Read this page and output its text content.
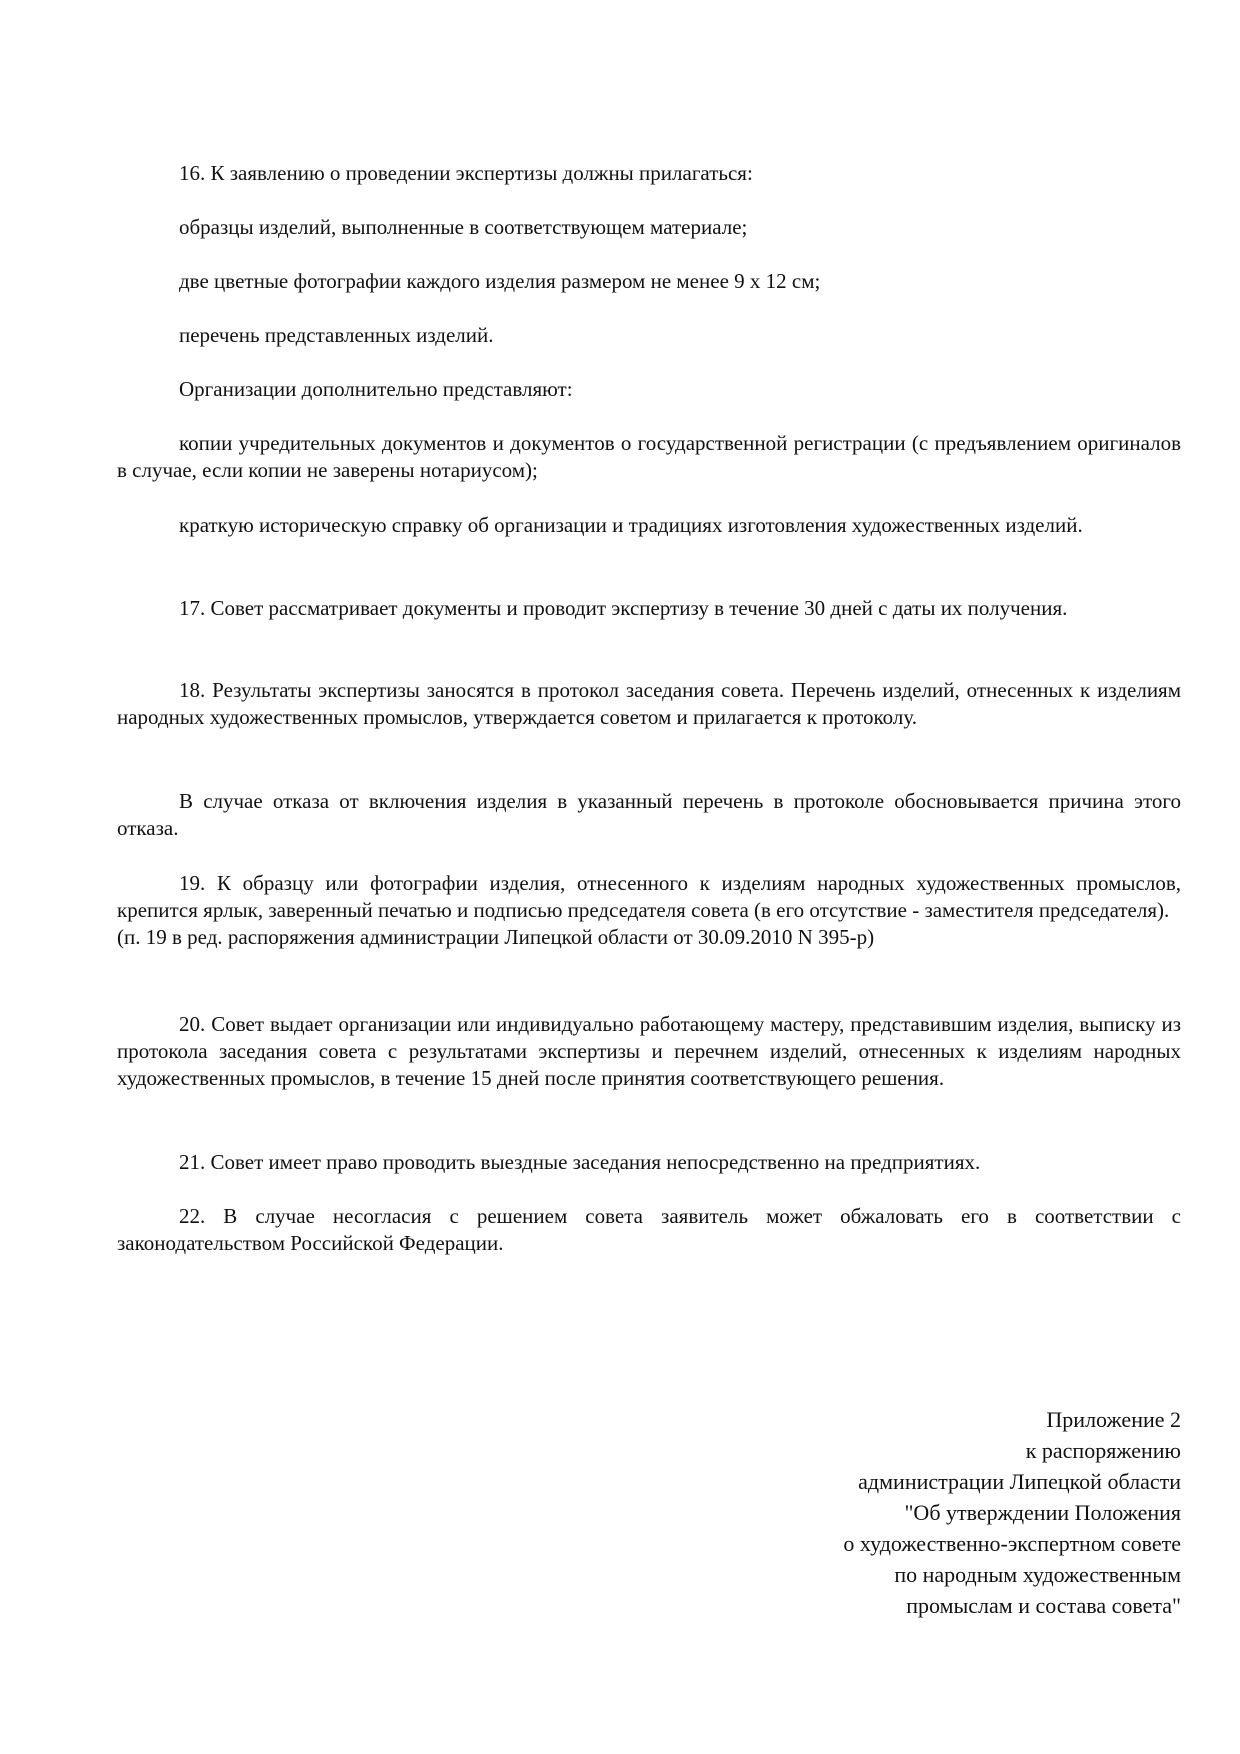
16. К заявлению о проведении экспертизы должны прилагаться:

образцы изделий, выполненные в соответствующем материале;

две цветные фотографии каждого изделия размером не менее 9 х 12 см;

перечень представленных изделий.

Организации дополнительно представляют:

копии учредительных документов и документов о государственной регистрации (с предъявлением оригиналов в случае, если копии не заверены нотариусом);

краткую историческую справку об организации и традициях изготовления художественных изделий.

17. Совет рассматривает документы и проводит экспертизу в течение 30 дней с даты их получения.

18. Результаты экспертизы заносятся в протокол заседания совета. Перечень изделий, отнесенных к изделиям народных художественных промыслов, утверждается советом и прилагается к протоколу.

В случае отказа от включения изделия в указанный перечень в протоколе обосновывается причина этого отказа.

19. К образцу или фотографии изделия, отнесенного к изделиям народных художественных промыслов, крепится ярлык, заверенный печатью и подписью председателя совета (в его отсутствие - заместителя председателя).

(п. 19 в ред. распоряжения администрации Липецкой области от 30.09.2010 N 395-р)

20. Совет выдает организации или индивидуально работающему мастеру, представившим изделия, выписку из протокола заседания совета с результатами экспертизы и перечнем изделий, отнесенных к изделиям народных художественных промыслов, в течение 15 дней после принятия соответствующего решения.

21. Совет имеет право проводить выездные заседания непосредственно на предприятиях.

22. В случае несогласия с решением совета заявитель может обжаловать его в соответствии с законодательством Российской Федерации.

Приложение 2
к распоряжению
администрации Липецкой области
"Об утверждении Положения
о художественно-экспертном совете
по народным художественным
промыслам и состава совета"
